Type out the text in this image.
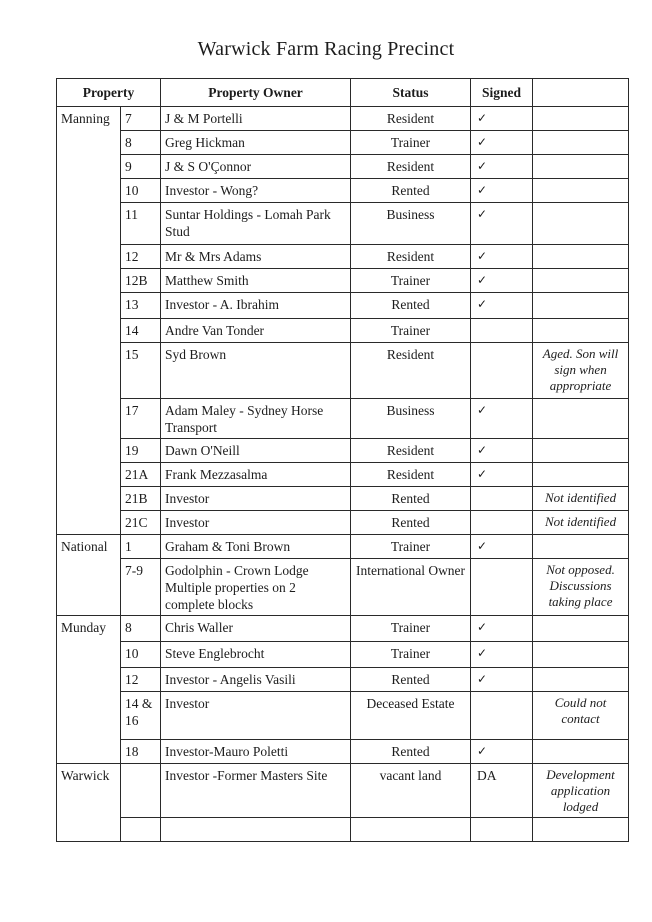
Warwick Farm Racing Precinct
Property		Property Owner	Status	Signed	
Manning	7	J & M Portelli	Resident	✓	
	8	Greg Hickman	Trainer	✓	
	9	J & S O'Çonnor	Resident	✓	
	10	Investor - Wong?	Rented	✓	
	11	Suntar Holdings - Lomah Park Stud	Business	✓	
	12	Mr & Mrs Adams	Resident	✓	
	12B	Matthew Smith	Trainer	✓	
	13	Investor - A. Ibrahim	Rented	✓	
	14	Andre Van Tonder	Trainer		
	15	Syd Brown	Resident		Aged. Son will sign when appropriate
	17	Adam Maley - Sydney Horse Transport	Business	✓	
	19	Dawn O'Neill	Resident	✓	
	21A	Frank Mezzasalma	Resident	✓	
	21B	Investor	Rented		Not identified
	21C	Investor	Rented		Not identified
National	1	Graham & Toni Brown	Trainer	✓	
	7-9	Godolphin - Crown Lodge Multiple properties on 2 complete blocks	International Owner		Not opposed. Discussions taking place
Munday	8	Chris Waller	Trainer	✓	
	10	Steve Englebrocht	Trainer	✓	
	12	Investor - Angelis Vasili	Rented	✓	
	14 & 16	Investor	Deceased Estate		Could not contact
	18	Investor-Mauro Poletti	Rented	✓	
Warwick		Investor -Former Masters Site	vacant land	DA	Development application lodged
